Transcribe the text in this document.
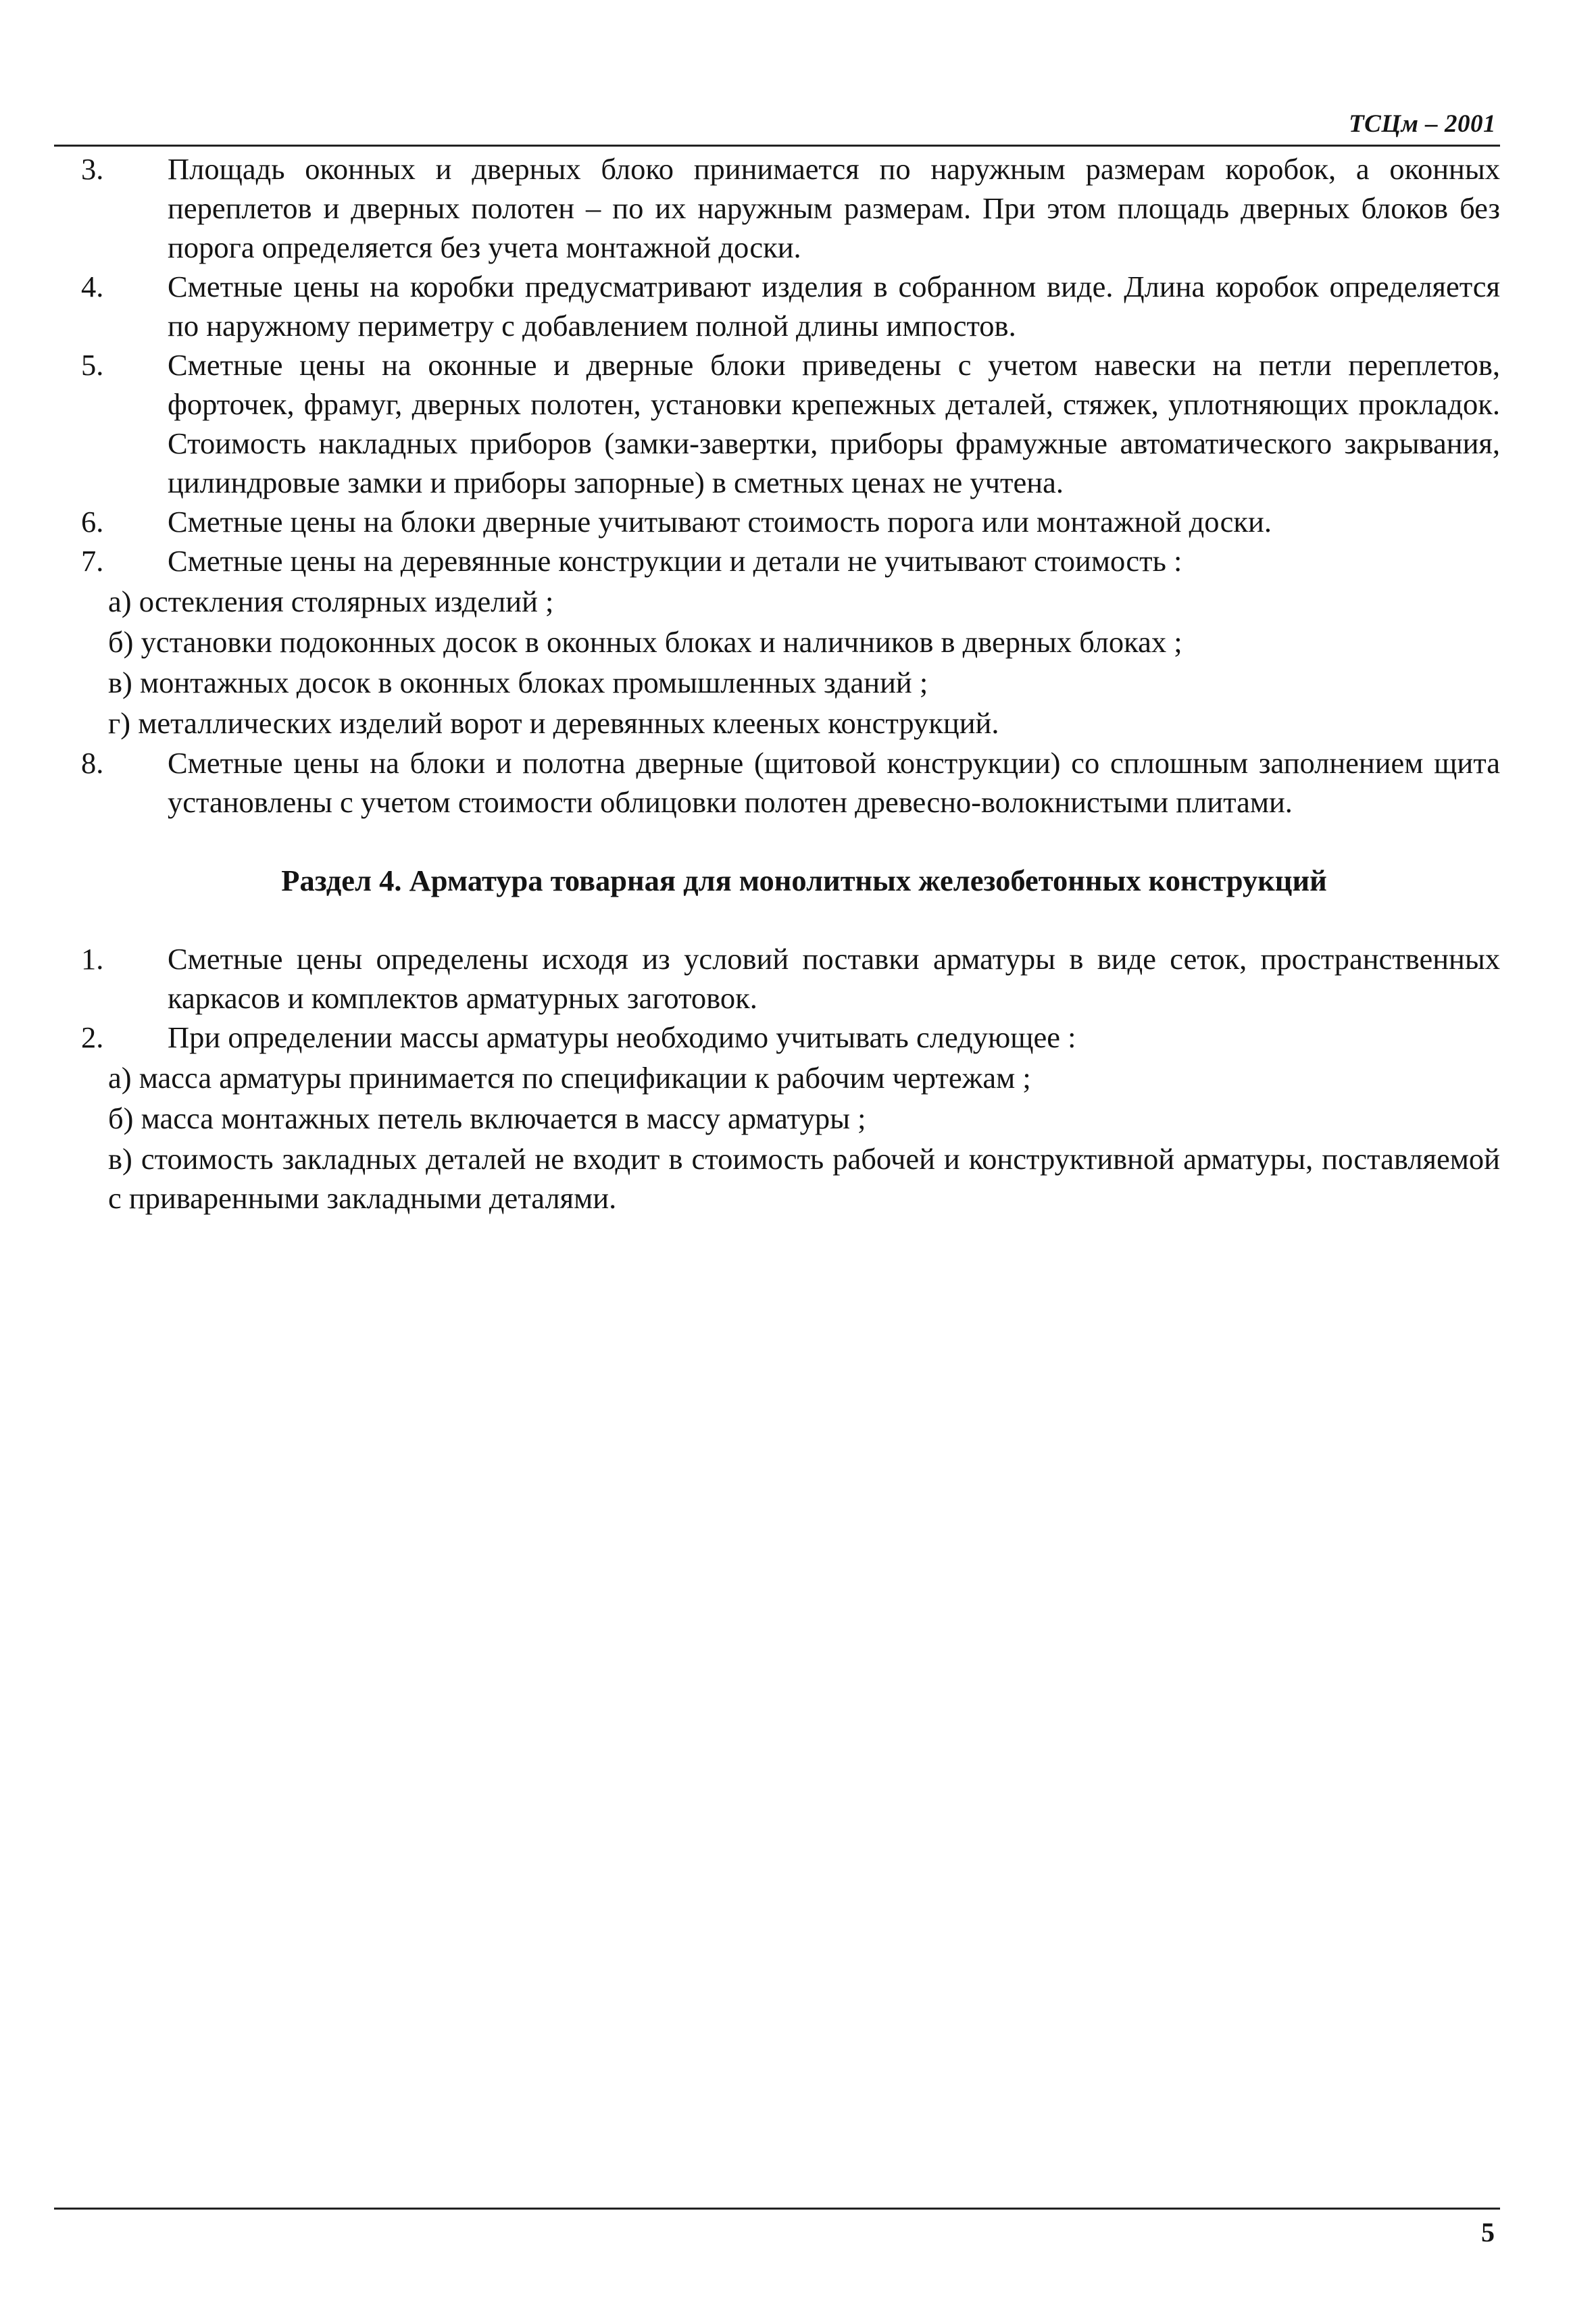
ТСЦм – 2001
3. Площадь оконных и дверных блоко принимается по наружным размерам коробок, а оконных переплетов и дверных полотен – по их наружным размерам. При этом площадь дверных блоков без порога определяется без учета монтажной доски.
4. Сметные цены на коробки предусматривают изделия в собранном виде. Длина коробок определяется по наружному периметру с добавлением полной длины импостов.
5. Сметные цены на оконные и дверные блоки приведены с учетом навески на петли переплетов, форточек, фрамуг, дверных полотен, установки крепежных деталей, стяжек, уплотняющих прокладок. Стоимость накладных приборов (замки-завертки, приборы фрамужные автоматического закрывания, цилиндровые замки и приборы запорные) в сметных ценах не учтена.
6. Сметные цены на блоки дверные учитывают стоимость порога или монтажной доски.
7. Сметные цены на деревянные конструкции и детали не учитывают стоимость :
а) остекления столярных изделий ;
б) установки подоконных досок в оконных блоках и наличников в дверных блоках ;
в) монтажных досок в оконных блоках промышленных зданий ;
г) металлических изделий ворот и деревянных клееных конструкций.
8. Сметные цены на блоки и полотна дверные (щитовой конструкции) со сплошным заполнением щита установлены с учетом стоимости облицовки полотен древесно-волокнистыми плитами.
Раздел 4. Арматура товарная для монолитных железобетонных конструкций
1. Сметные цены определены исходя из условий поставки арматуры в виде сеток, пространственных каркасов и комплектов арматурных заготовок.
2. При определении массы арматуры необходимо учитывать следующее :
а) масса арматуры принимается по спецификации к рабочим чертежам ;
б) масса монтажных петель включается в массу арматуры ;
в) стоимость закладных деталей не входит в стоимость рабочей и конструктивной арматуры, поставляемой с приваренными закладными деталями.
5
